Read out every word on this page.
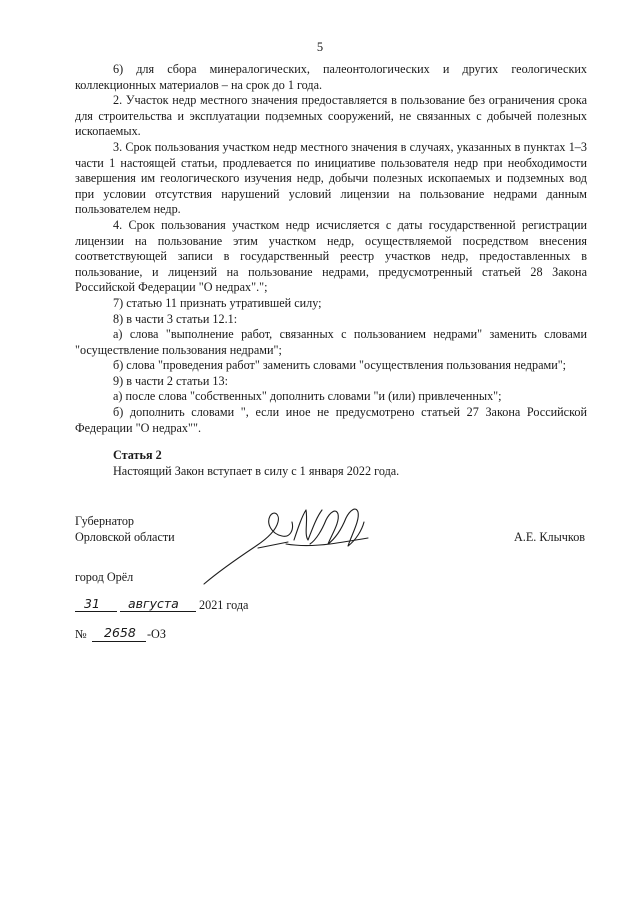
5

6) для сбора минералогических, палеонтологических и других геологических коллекционных материалов – на срок до 1 года.

2. Участок недр местного значения предоставляется в пользование без ограничения срока для строительства и эксплуатации подземных сооружений, не связанных с добычей полезных ископаемых.

3. Срок пользования участком недр местного значения в случаях, указанных в пунктах 1–3 части 1 настоящей статьи, продлевается по инициативе пользователя недр при необходимости завершения им геологического изучения недр, добычи полезных ископаемых и подземных вод при условии отсутствия нарушений условий лицензии на пользование недрами данным пользователем недр.

4. Срок пользования участком недр исчисляется с даты государственной регистрации лицензии на пользование этим участком недр, осуществляемой посредством внесения соответствующей записи в государственный реестр участков недр, предоставленных в пользование, и лицензий на пользование недрами, предусмотренный статьей 28 Закона Российской Федерации "О недрах".";

7) статью 11 признать утратившей силу;

8) в части 3 статьи 12.1:

а) слова "выполнение работ, связанных с пользованием недрами" заменить словами "осуществление пользования недрами";

б) слова "проведения работ" заменить словами "осуществления пользования недрами";

9) в части 2 статьи 13:

а) после слова "собственных" дополнить словами "и (или) привлеченных";

б) дополнить словами ", если иное не предусмотрено статьей 27 Закона Российской Федерации "О недрах"".

Статья 2

Настоящий Закон вступает в силу с 1 января 2022 года.

Губернатор

Орловской области	А.Е. Клычков

город Орёл

31 августа 2021 года

№ 2658 -ОЗ
